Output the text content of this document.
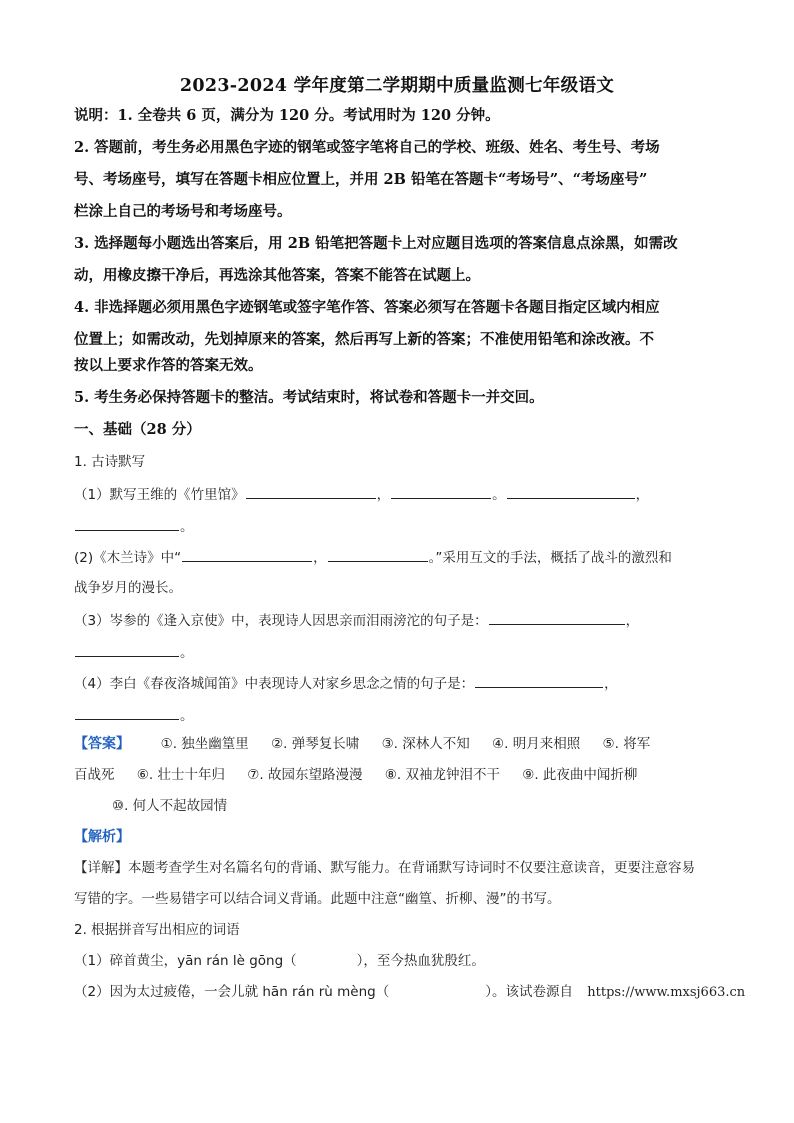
2023-2024 学年度第二学期期中质量监测七年级语文
说明：1. 全卷共 6 页，满分为 120 分。考试用时为 120 分钟。
2. 答题前，考生务必用黑色字迹的钢笔或签字笔将自己的学校、班级、姓名、考生号、考场
号、考场座号，填写在答题卡相应位置上，并用 2B 铅笔在答题卡“考场号”、“考场座号”
栏涂上自己的考场号和考场座号。
3. 选择题每小题选出答案后，用 2B 铅笔把答题卡上对应题目选项的答案信息点涂黑，如需改
动，用橡皮擦干净后，再选涂其他答案，答案不能答在试题上。
4. 非选择题必须用黑色字迹钢笔或签字笔作答、答案必须写在答题卡各题目指定区域内相应
位置上；如需改动，先划掉原来的答案，然后再写上新的答案；不准使用铅笔和涂改液。不
按以上要求作答的答案无效。
5. 考生务必保持答题卡的整洁。考试结束时，将试卷和答题卡一并交回。
一、基础（28 分）
1. 古诗默写
（1）默写王维的《竹里馆》	，	。	，
。
(2)《木兰诗》中“	，	。”采用互文的手法，概括了战斗的激烈和
战争岁月的漫长。
（3）岑参的《逢入京使》中，表现诗人因思亲而泪雨滂沱的句子是：	，
。
（4）李白《春夜洛城闻笛》中表现诗人对家乡思念之情的句子是：	，
。
【答案】 ①. 独坐幽篁里 ②. 弹琴复长啸 ③. 深林人不知 ④. 明月来相照 ⑤. 将军
百战死 ⑥. 壮士十年归 ⑦. 故园东望路漫漫 ⑧. 双袖龙钟泪不干 ⑨. 此夜曲中闻折柳
⑩. 何人不起故园情
【解析】
【详解】本题考查学生对名篇名句的背诵、默写能力。在背诵默写诗词时不仅要注意读音，更要注意容易
写错的字。一些易错字可以结合词义背诵。此题中注意“幽篁、折柳、漫”的书写。
2. 根据拼音写出相应的词语
（1）碎首黄尘，yān rán lè gōng（	），至今热血犹殷红。
（2）因为太过疲倦，一会儿就 hān rán rù mèng（	）。该试卷源自 https://www.mxsj663.cn
